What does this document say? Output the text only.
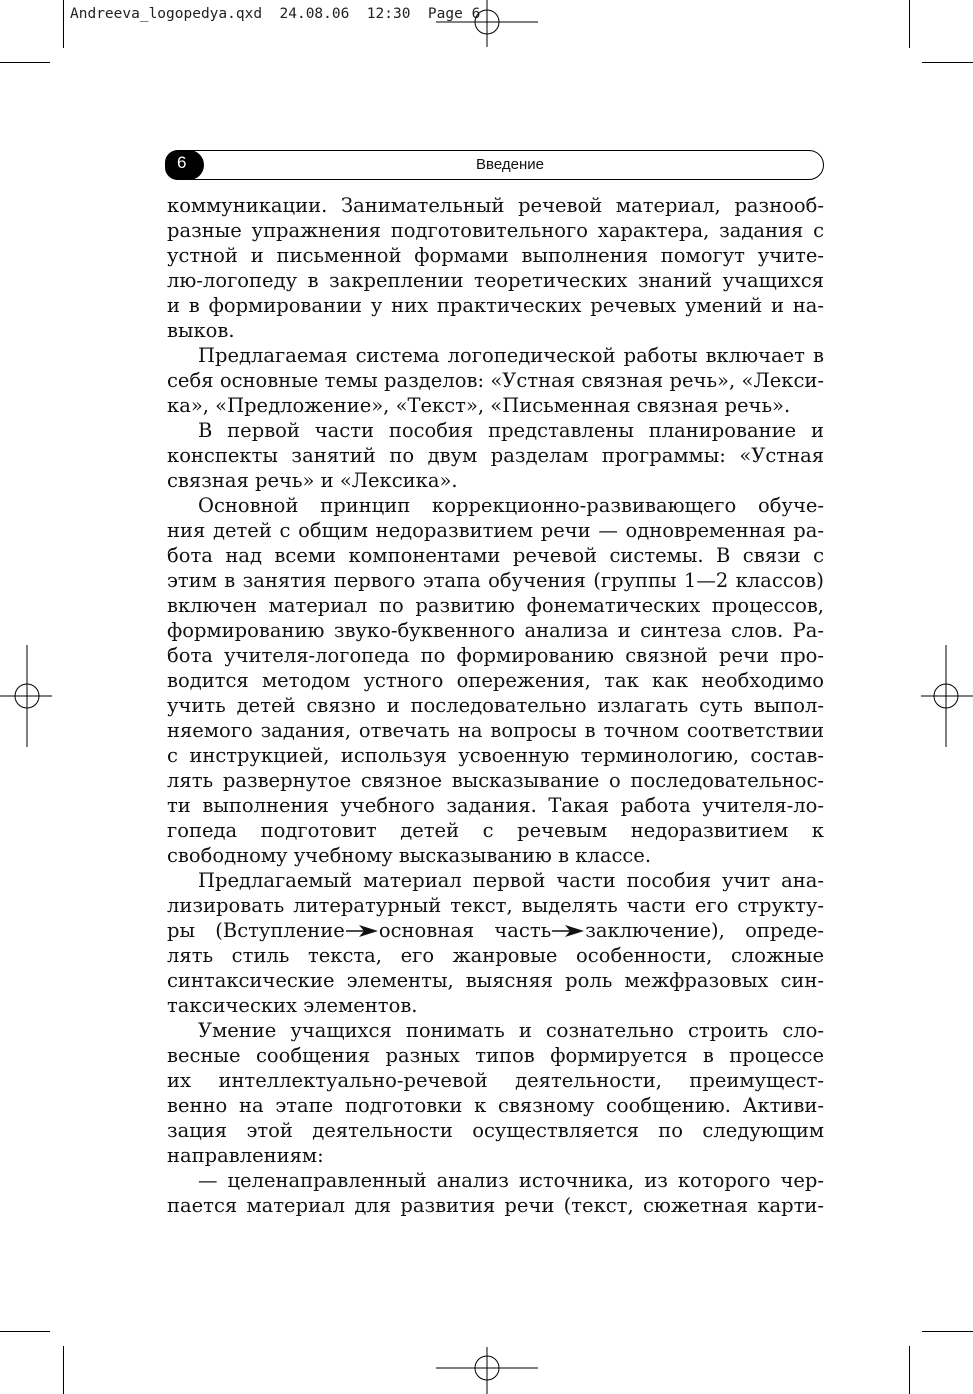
Andreeva_logopedya.qxd  24.08.06  12:30  Page 6
6	Введение
коммуникации. Занимательный речевой материал, разнооб-
разные упражнения подготовительного характера, задания с
устной и письменной формами выполнения помогут учите-
лю-логопеду в закреплении теоретических знаний учащихся
и в формировании у них практических речевых умений и на-
выков.
Предлагаемая система логопедической работы включает в
себя основные темы разделов: «Устная связная речь», «Лекси-
ка», «Предложение», «Текст», «Письменная связная речь».
В первой части пособия представлены планирование и
конспекты занятий по двум разделам программы: «Устная
связная речь» и «Лексика».
Основной принцип коррекционно-развивающего обуче-
ния детей с общим недоразвитием речи — одновременная ра-
бота над всеми компонентами речевой системы. В связи с
этим в занятия первого этапа обучения (группы 1—2 классов)
включен материал по развитию фонематических процессов,
формированию звуко-буквенного анализа и синтеза слов. Ра-
бота учителя-логопеда по формированию связной речи про-
водится методом устного опережения, так как необходимо
учить детей связно и последовательно излагать суть выпол-
няемого задания, отвечать на вопросы в точном соответствии
с инструкцией, используя усвоенную терминологию, состав-
лять развернутое связное высказывание о последовательнос-
ти выполнения учебного задания. Такая работа учителя-ло-
гопеда подготовит детей с речевым недоразвитием к
свободному учебному высказыванию в классе.
Предлагаемый материал первой части пособия учит ана-
лизировать литературный текст, выделять части его структу-
ры (Вступление основная часть заключение), опреде-
лять стиль текста, его жанровые особенности, сложные
синтаксические элементы, выясняя роль межфразовых син-
таксических элементов.
Умение учащихся понимать и сознательно строить сло-
весные сообщения разных типов формируется в процессе
их интеллектуально-речевой деятельности, преимущест-
венно на этапе подготовки к связному сообщению. Активи-
зация этой деятельности осуществляется по следующим
направлениям:
— целенаправленный анализ источника, из которого чер-
пается материал для развития речи (текст, сюжетная карти-
